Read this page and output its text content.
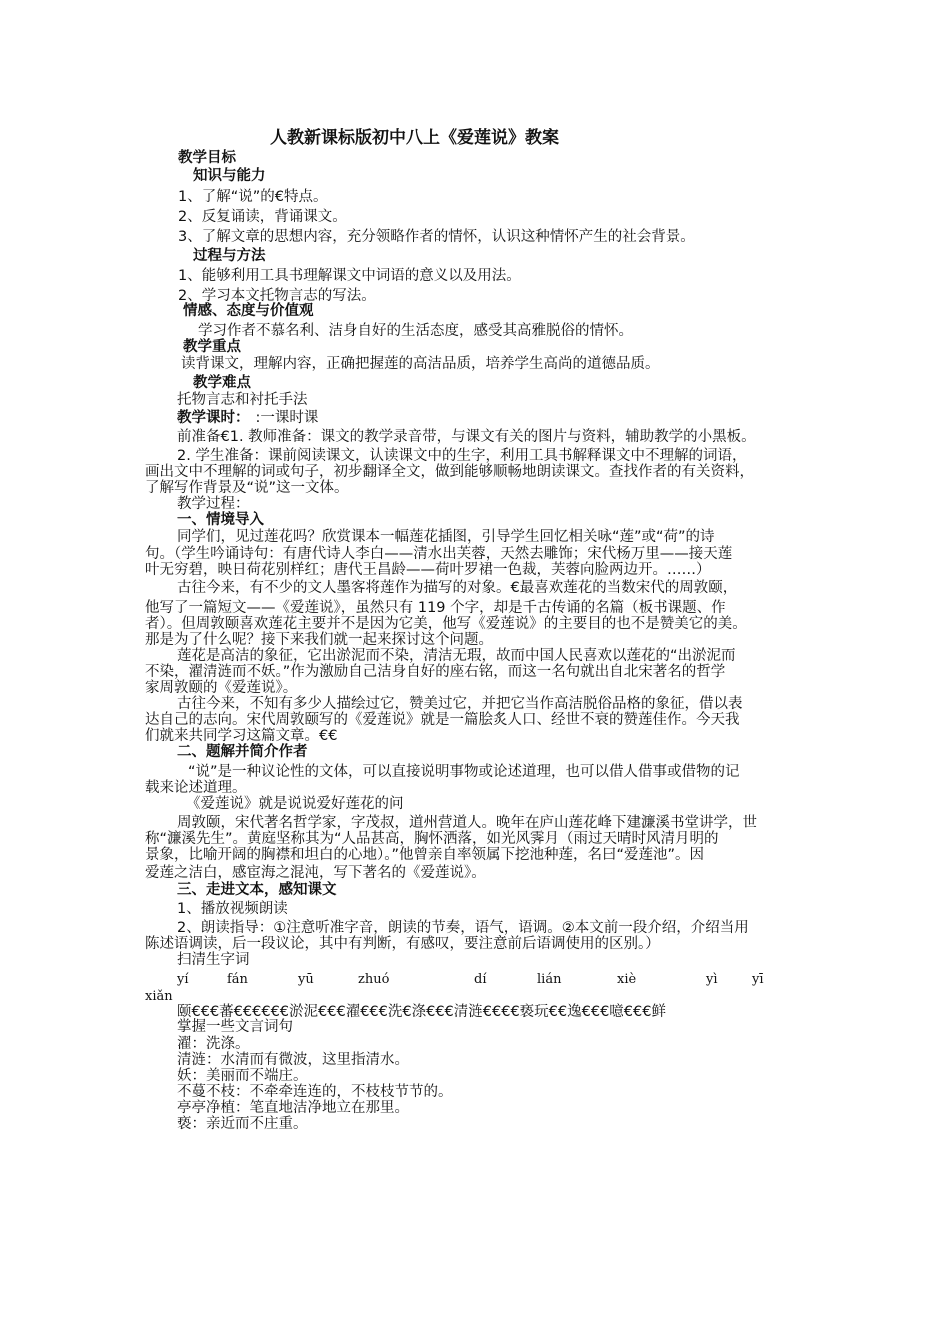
人教新课标版初中八上《爱莲说》教案
教学目标
知识与能力
1、了解“说”的€特点。
2、反复诵读，背诵课文。
3、了解文章的思想内容，充分领略作者的情怀，认识这种情怀产生的社会背景。
过程与方法
1、能够利用工具书理解课文中词语的意义以及用法。
2、学习本文托物言志的写法。
情感、态度与价值观
学习作者不慕名利、洁身自好的生活态度，感受其高雅脱俗的情怀。
教学重点
读背课文，理解内容，正确把握莲的高洁品质，培养学生高尚的道德品质。
教学难点
托物言志和衬托手法
教学课时： :一课时课
前准备€1. 教师准备：课文的教学录音带，与课文有关的图片与资料，辅助教学的小黑板。
2. 学生准备：课前阅读课文，认读课文中的生字，利用工具书解释课文中不理解的词语，
画出文中不理解的词或句子，初步翻译全文，做到能够顺畅地朗读课文。查找作者的有关资料，
了解写作背景及“说”这一文体。
教学过程：
一、情境导入
同学们，见过莲花吗？欣赏课本一幅莲花插图，引导学生回忆相关咏“莲”或“荷”的诗
句。（学生吟诵诗句：有唐代诗人李白——清水出芙蓉，天然去雕饰；宋代杨万里——接天莲
叶无穷碧，映日荷花别样红；唐代王昌龄——荷叶罗裙一色裁，芙蓉向脸两边开。……）
古往今来，有不少的文人墨客将莲作为描写的对象。€最喜欢莲花的当数宋代的周敦颐，
他写了一篇短文——《爱莲说》，虽然只有 119 个字，却是千古传诵的名篇（板书课题、作
者）。但周敦颐喜欢莲花主要并不是因为它美，他写《爱莲说》的主要目的也不是赞美它的美。
那是为了什么呢？接下来我们就一起来探讨这个问题。
莲花是高洁的象征，它出淤泥而不染，清洁无瑕，故而中国人民喜欢以莲花的“出淤泥而
不染，濯清涟而不妖。”作为激励自己洁身自好的座右铭，而这一名句就出自北宋著名的哲学
家周敦颐的《爱莲说》。
古往今来，不知有多少人描绘过它，赞美过它，并把它当作高洁脱俗品格的象征，借以表
达自己的志向。宋代周敦颐写的《爱莲说》就是一篇脍炙人口、经世不衰的赞莲佳作。今天我
们就来共同学习这篇文章。€€
二、题解并简介作者
“说”是一种议论性的文体，可以直接说明事物或论述道理，也可以借人借事或借物的记
载来论述道理。
《爱莲说》就是说说爱好莲花的问
周敦颐，宋代著名哲学家，字茂叔，道州营道人。晚年在庐山莲花峰下建濂溪书堂讲学，世
称“濂溪先生”。黄庭坚称其为“人品甚高，胸怀洒落，如光风霁月（雨过天晴时风清月明的
景象，比喻开阔的胸襟和坦白的心地）。”他曾亲自率领属下挖池种莲，名曰“爱莲池”。因
爱莲之洁白，感宦海之混沌，写下著名的《爱莲说》。
三、走进文本，感知课文
1、播放视频朗读
2、朗读指导：①注意听准字音，朗读的节奏，语气，语调。②本文前一段介绍，介绍当用
陈述语调读，后一段议论，其中有判断，有感叹，要注意前后语调使用的区别。）
扫清生字词
yí	fán	yū	zhuó	dí	lián	xiè	yì	yī
xiǎn
颐€€€蕃€€€€€€淤泥€€€濯€€€洗€涤€€€清涟€€€€亵玩€€逸€€€噫€€€鲜
掌握一些文言词句
濯：洗涤。
清涟：水清而有微波，这里指清水。
妖：美丽而不端庄。
不蔓不枝：不牵牵连连的，不枝枝节节的。
亭亭净植：笔直地洁净地立在那里。
亵：亲近而不庄重。
